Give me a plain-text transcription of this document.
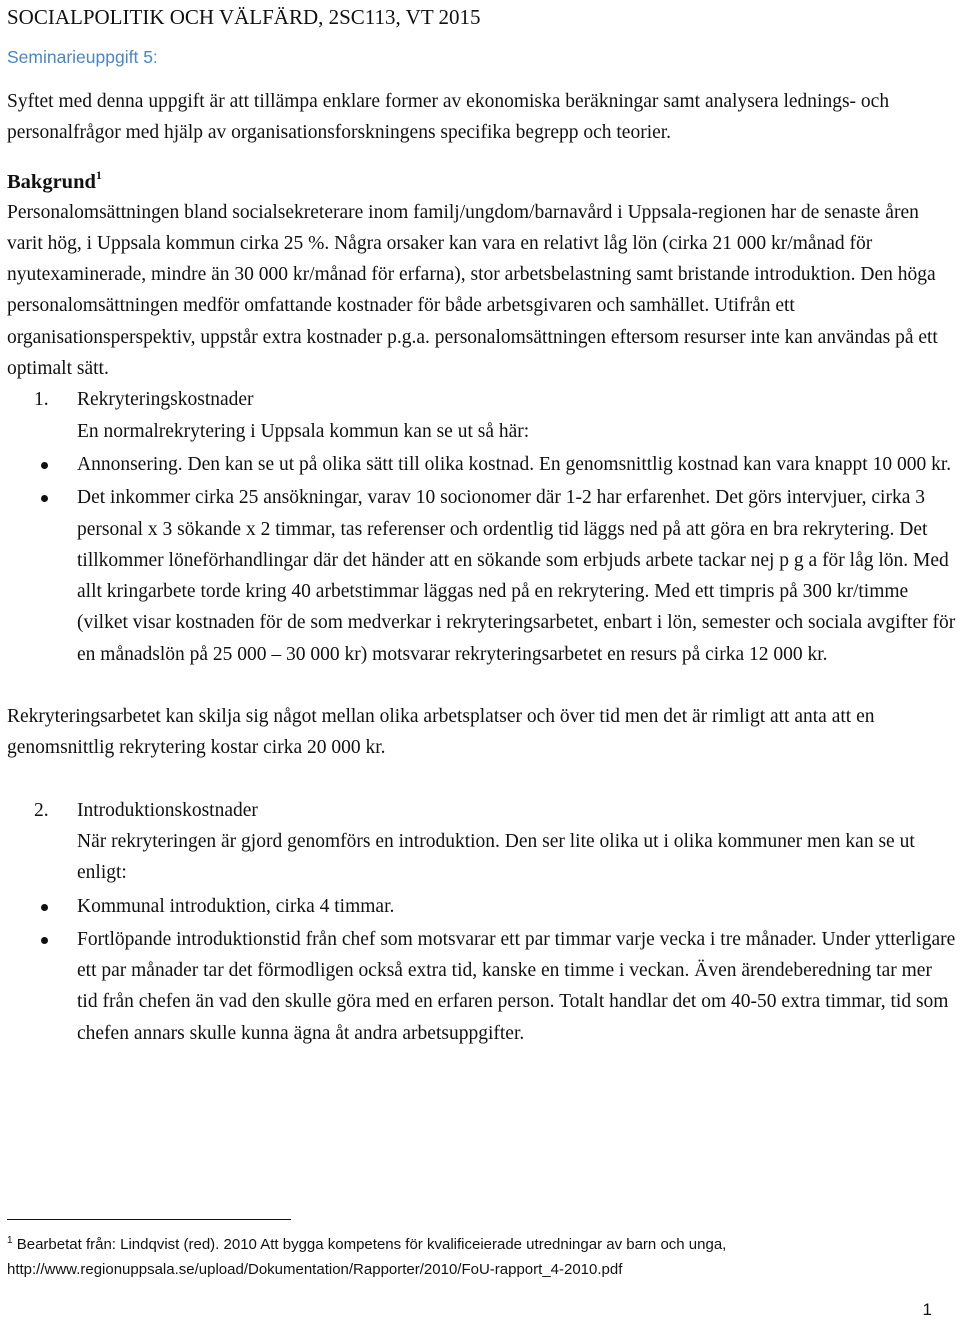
SOCIALPOLITIK OCH VÄLFÄRD, 2SC113, VT 2015
Seminarieuppgift 5:

Syftet med denna uppgift är att tillämpa enklare former av ekonomiska beräkningar samt analysera lednings- och personalfrågor med hjälp av organisationsforskningens specifika begrepp och teorier.

Bakgrund$^1$

Personalomsättningen bland socialsekreterare inom familj/ungdom/barnavård i Uppsala-regionen har de senaste åren varit hög, i Uppsala kommun cirka 25 %. Några orsaker kan vara en relativt låg lön (cirka 21 000 kr/månad för nyutexaminerade, mindre än 30 000 kr/månad för erfarna), stor arbetsbelastning samt bristande introduktion. Den höga personalomsättningen medför omfattande kostnader för både arbetsgivaren och samhället. Utifrån ett organisationsperspektiv, uppstår extra kostnader p.g.a. personalomsättningen eftersom resurser inte kan användas på ett optimalt sätt.

1.	Rekryteringskostnader
En normalrekrytering i Uppsala kommun kan se ut så här:
Annonsering. Den kan se ut på olika sätt till olika kostnad. En genomsnittlig kostnad kan vara knappt 10 000 kr.
Det inkommer cirka 25 ansökningar, varav 10 socionomer där 1-2 har erfarenhet. Det görs intervjuer, cirka 3 personal x 3 sökande x 2 timmar, tas referenser och ordentlig tid läggs ned på att göra en bra rekrytering. Det tillkommer löneförhandlingar där det händer att en sökande som erbjuds arbete tackar nej p g a för låg lön. Med allt kringarbete torde kring 40 arbetstimmar läggas ned på en rekrytering. Med ett timpris på 300 kr/timme (vilket visar kostnaden för de som medverkar i rekryteringsarbetet, enbart i lön, semester och sociala avgifter för en månadslön på 25 000 – 30 000 kr) motsvarar rekryteringsarbetet en resurs på cirka 12 000 kr.

Rekryteringsarbetet kan skilja sig något mellan olika arbetsplatser och över tid men det är rimligt att anta att en genomsnittlig rekrytering kostar cirka 20 000 kr.

2.	Introduktionskostnader
När rekryteringen är gjord genomförs en introduktion. Den ser lite olika ut i olika kommuner men kan se ut enligt:
Kommunal introduktion, cirka 4 timmar.
Fortlöpande introduktionstid från chef som motsvarar ett par timmar varje vecka i tre månader. Under ytterligare ett par månader tar det förmodligen också extra tid, kanske en timme i veckan. Även ärendeberedning tar mer tid från chefen än vad den skulle göra med en erfaren person. Totalt handlar det om 40-50 extra timmar, tid som chefen annars skulle kunna ägna åt andra arbetsuppgifter.
$^1$ Bearbetat från: Lindqvist (red). 2010 Att bygga kompetens för kvalificeierade utredningar av barn och unga, http://www.regionuppsala.se/upload/Dokumentation/Rapporter/2010/FoU-rapport_4-2010.pdf
1
